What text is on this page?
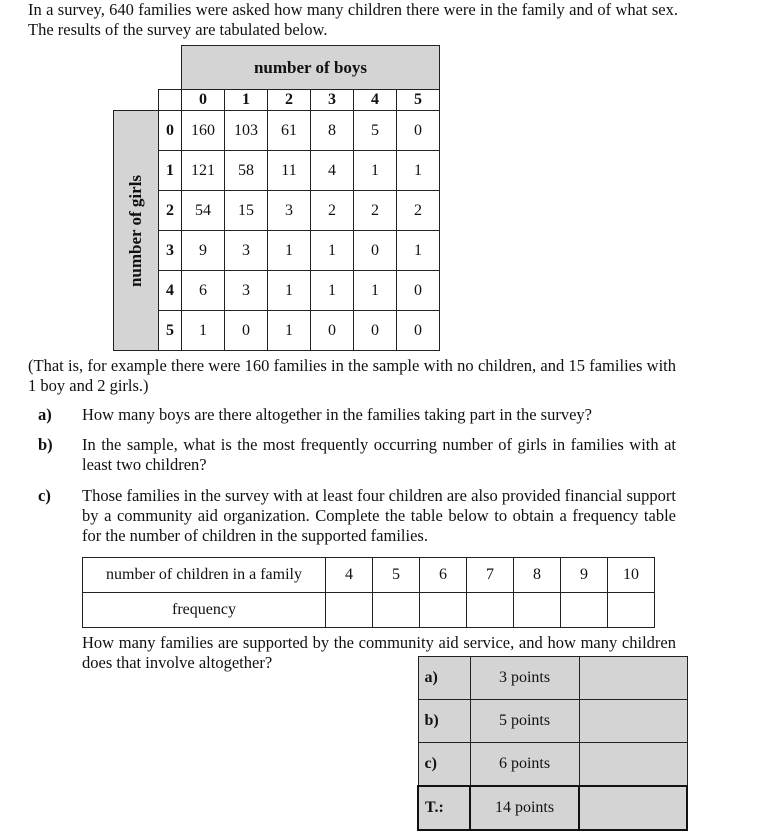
In a survey, 640 families were asked how many children there were in the family and of what sex. The results of the survey are tabulated below.

		number of boys					
		0	1	2	3	4	5

number of girls	0	160	103	61	8	5	0
	1	121	58	11	4	1	1
	2	54	15	3	2	2	2
	3	9	3	1	1	0	1
	4	6	3	1	1	1	0
	5	1	0	1	0	0	0

(That is, for example there were 160 families in the sample with no children, and 15 families with 1 boy and 2 girls.)

a) How many boys are there altogether in the families taking part in the survey?

b) In the sample, what is the most frequently occurring number of girls in families with at least two children?

c) Those families in the survey with at least four children are also provided financial support by a community aid organization. Complete the table below to obtain a frequency table for the number of children in the supported families.

number of children in a family	4	5	6	7	8	9	10
frequency							

How many families are supported by the community aid service, and how many children does that involve altogether?

a)	3 points	
b)	5 points	
c)	6 points	
T.:	14 points	
